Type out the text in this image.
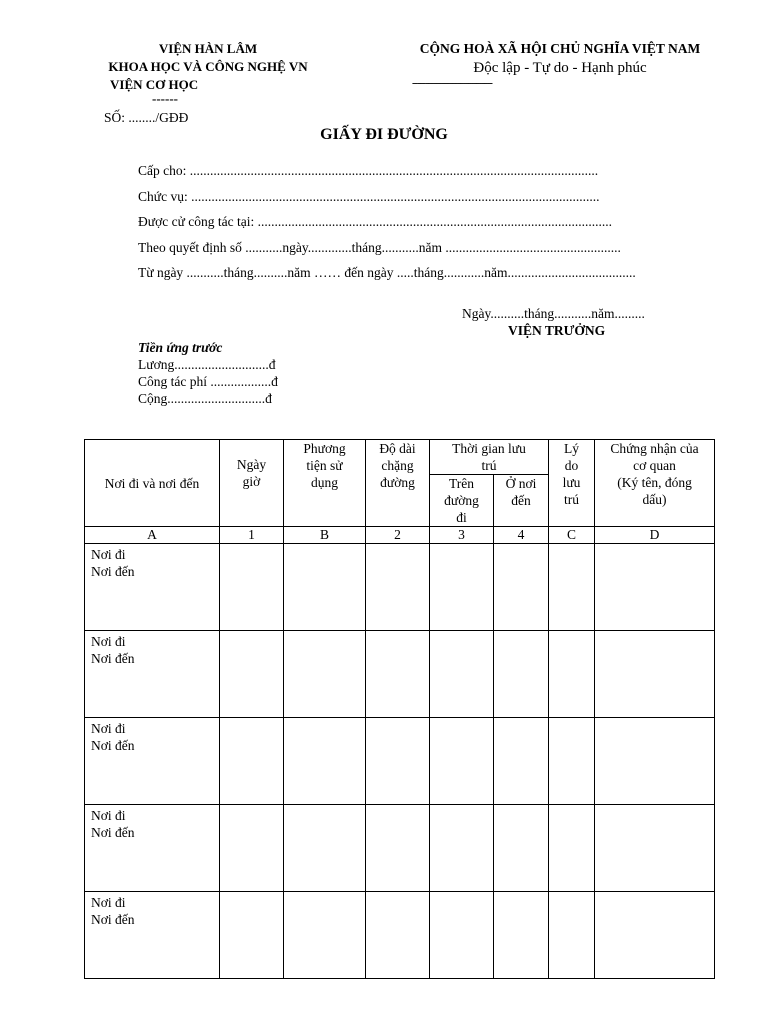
VIỆN HÀN LÂM
KHOA HỌC VÀ CÔNG NGHỆ VN
VIỆN CƠ HỌC
------
SỐ: ......../GĐĐ
CỘNG HOÀ XÃ HỘI CHỦ NGHĨA VIỆT NAM
Độc lập - Tự do - Hạnh phúc
------------------------------
GIẤY ĐI ĐƯỜNG
Cấp cho: .........................................................................................................................
Chức vụ: .........................................................................................................................
Được cử công tác tại: .........................................................................................................
Theo quyết định số ...........ngày.............tháng...........năm ....................................................
Từ ngày ...........tháng..........năm …… đến ngày .....tháng............năm......................................
Ngày..........tháng...........năm.........
VIỆN TRƯỞNG
Tiền ứng trước
Lương............................đ
Công tác phí ..................đ
Cộng.............................đ
Nơi đi và nơi đến	Ngày giờ	Phương tiện sử dụng	Độ dài chặng đường	Thời gian lưu trú		Lý do lưu trú	Chứng nhận của cơ quan
(Ký tên, đóng dấu)

				Trên đường đi	Ở nơi đến		

A	1	B	2	3	4	C	D

Nơi đi
Nơi đến							

Nơi đi
Nơi đến							

Nơi đi
Nơi đến							

Nơi đi
Nơi đến							

Nơi đi
Nơi đến							
